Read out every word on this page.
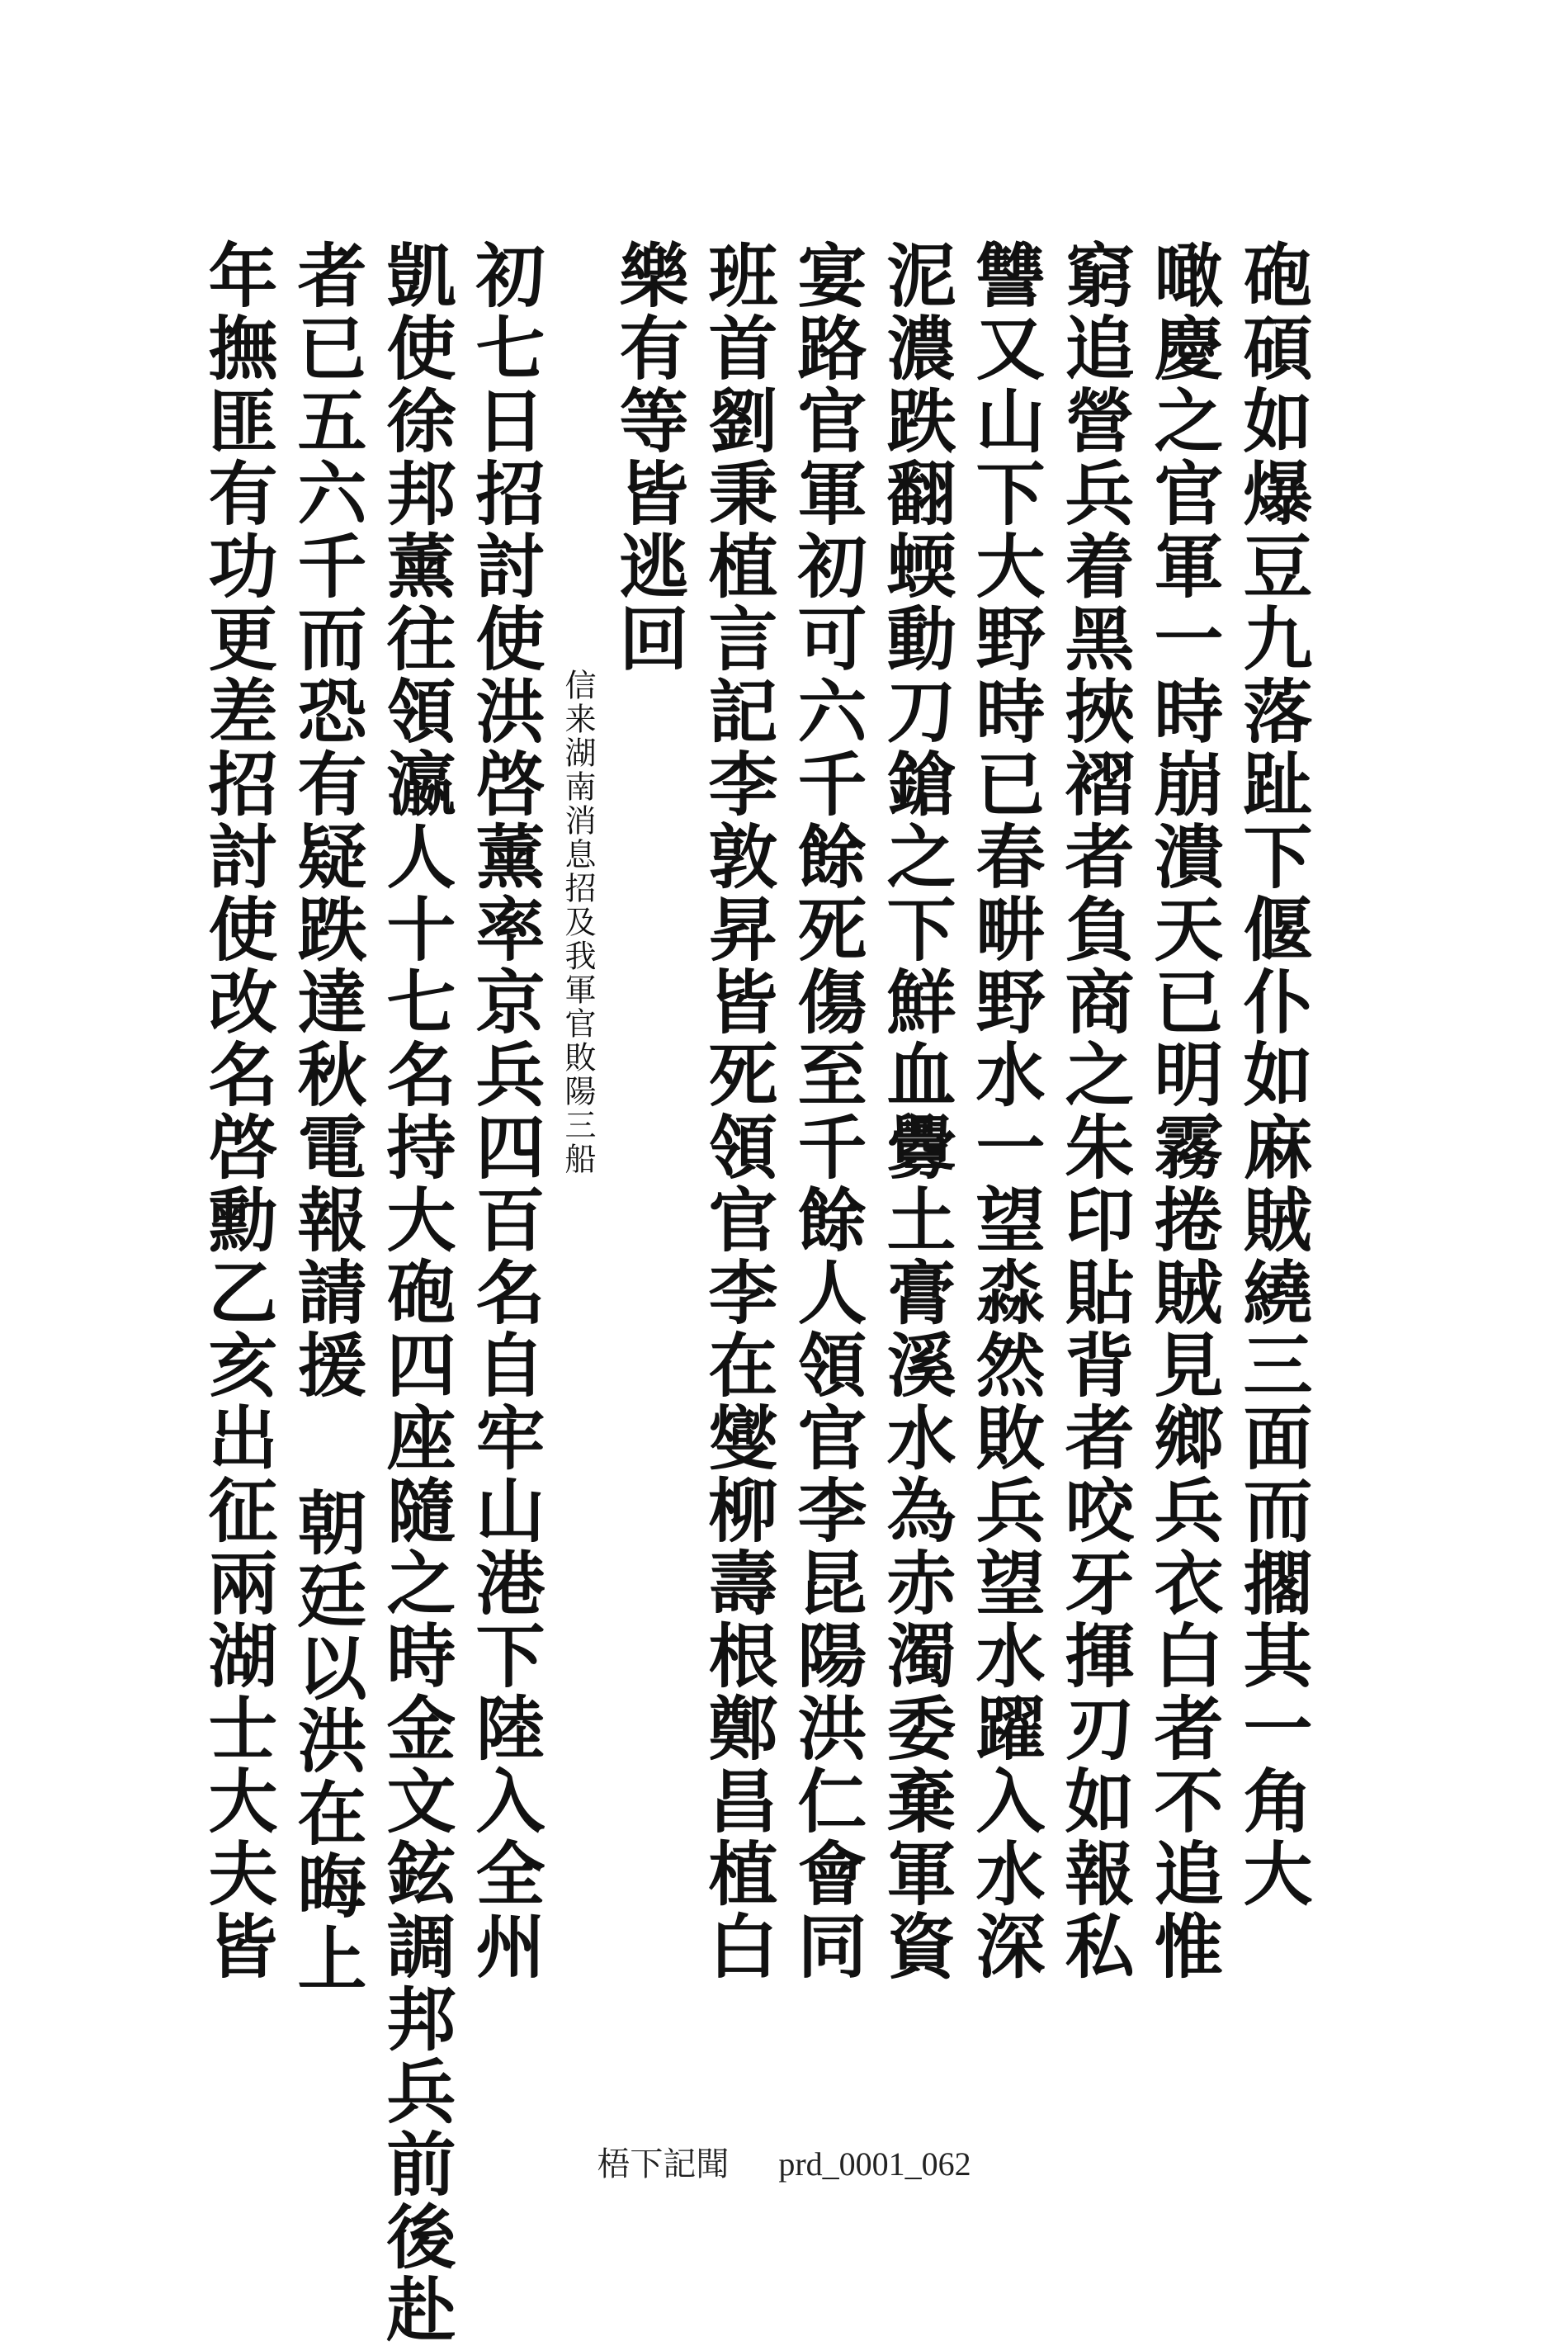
砲碩如爆豆九落趾下偃仆如麻賊繞三面而擱其一角大
噉慶之官軍一時崩潰天已明霧捲賊見鄉兵衣白者不追惟
窮追營兵着黑挾褶者負商之朱印貼背者咬牙揮刃如報私
讐又山下大野時已春畊野水一望淼然敗兵望水躍入水深
泥濃跌翻蝡動刀鎗之下鮮血釁土膏溪水為赤濁委棄軍資
宴路官軍初可六千餘死傷至千餘人領官李昆陽洪仁會同
班首劉秉植言記李敦昇皆死領官李在燮柳壽根鄭昌植白
樂有等皆逃回
信来湖南消息招及我軍官敗陽三船
初七日招討使洪啓薰率京兵四百名自牢山港下陸入全州
凱使徐邦薰往領瀛人十七名持大砲四座隨之時金文鉉調邦兵前後赴
者已五六千而恐有疑跌達秋電報請援 朝廷以洪在晦上
年撫匪有功更差招討使改名啓勳乙亥出征兩湖士大夫皆
梧下記聞 prd_0001_062
